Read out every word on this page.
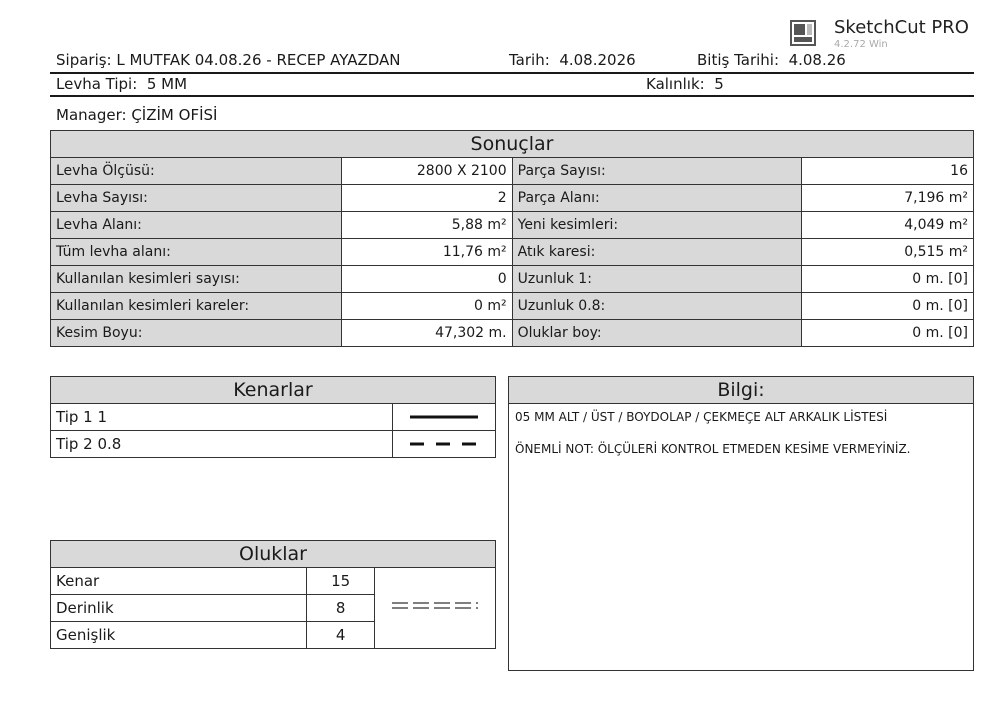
SketchCut PRO
4.2.72 Win
Sipariş: L MUTFAK 04.08.26 - RECEP AYAZDAN	Tarih: 4.08.2026	Bitiş Tarihi: 4.08.26
Levha Tipi: 5 MM	Kalınlık: 5
Manager: ÇİZİM OFİSİ
Sonuçlar			
Levha Ölçüsü:	2800 X 2100	Parça Sayısı:	16
Levha Sayısı:	2	Parça Alanı:	7,196 m²
Levha Alanı:	5,88 m²	Yeni kesimleri:	4,049 m²
Tüm levha alanı:	11,76 m²	Atık karesi:	0,515 m²
Kullanılan kesimleri sayısı:	0	Uzunluk 1:	0 m. [0]
Kullanılan kesimleri kareler:	0 m²	Uzunluk 0.8:	0 m. [0]
Kesim Boyu:	47,302 m.	Oluklar boy:	0 m. [0]
Kenarlar	
Tip 1 1	
Tip 2 0.8	
Oluklar		
Kenar	15	
Derinlik	8	
Genişlik	4	
Bilgi:

05 MM ALT / ÜST / BOYDOLAP / ÇEKMEÇE ALT ARKALIK LİSTESİ
ÖNEMLİ NOT: ÖLÇÜLERİ KONTROL ETMEDEN KESİME VERMEYİNİZ.
